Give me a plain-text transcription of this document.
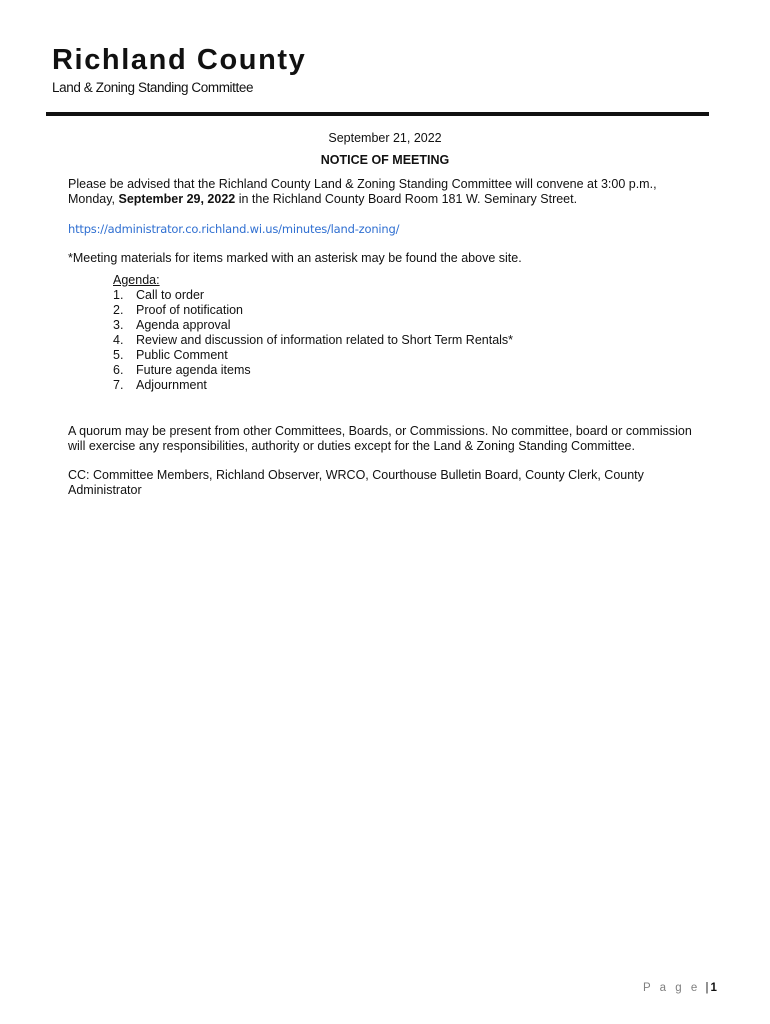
Richland County
Land & Zoning Standing Committee
September 21, 2022
NOTICE OF MEETING
Please be advised that the Richland County Land & Zoning Standing Committee will convene at 3:00 p.m.,
Monday, September 29, 2022 in the Richland County Board Room 181 W. Seminary Street.
https://administrator.co.richland.wi.us/minutes/land-zoning/
*Meeting materials for items marked with an asterisk may be found the above site.
Agenda:
1.	Call to order
2.	Proof of notification
3.	Agenda approval
4.	Review and discussion of information related to Short Term Rentals*
5.	Public Comment
6.	Future agenda items
7.	Adjournment
A quorum may be present from other Committees, Boards, or Commissions. No committee, board or commission
will exercise any responsibilities, authority or duties except for the Land & Zoning Standing Committee.
CC: Committee Members, Richland Observer, WRCO, Courthouse Bulletin Board, County Clerk, County
Administrator
P a g e | 1
